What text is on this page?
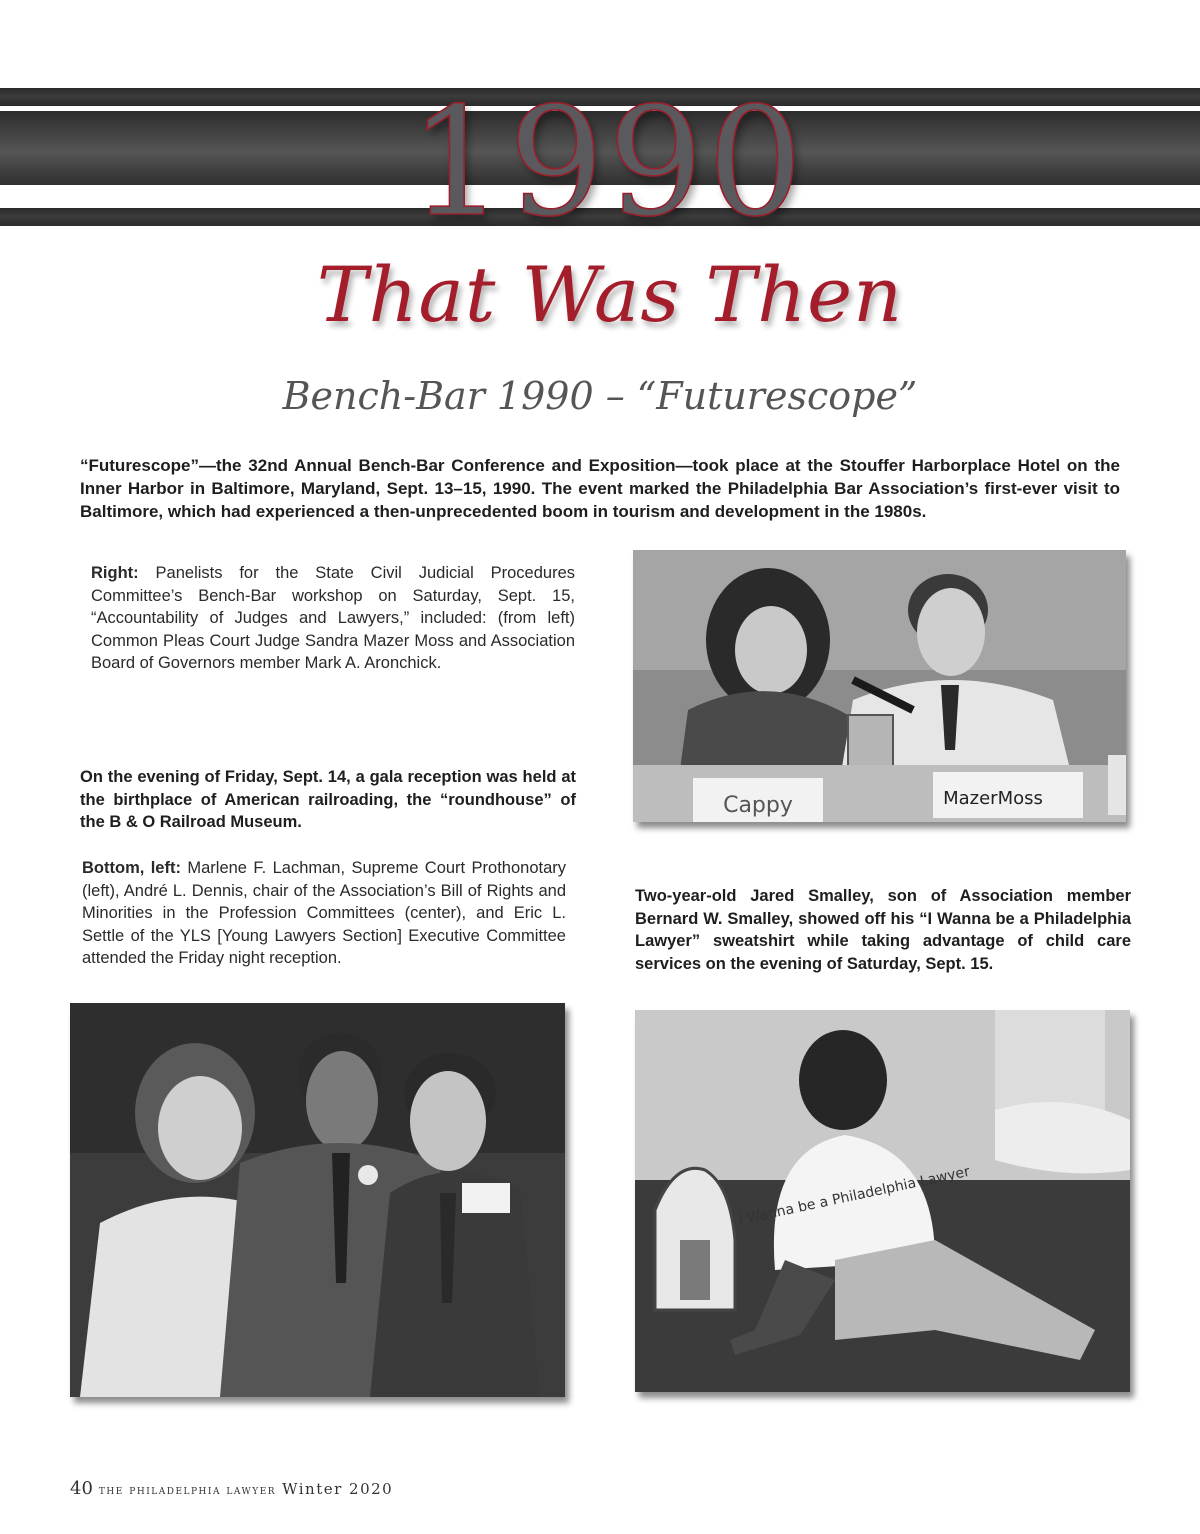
1990
That Was Then
Bench-Bar 1990 – “Futurescope”
“Futurescope”—the 32nd Annual Bench-Bar Conference and Exposition—took place at the Stouffer Harborplace Hotel on the Inner Harbor in Baltimore, Maryland, Sept. 13–15, 1990. The event marked the Philadelphia Bar Association’s first-ever visit to Baltimore, which had experienced a then-unprecedented boom in tourism and development in the 1980s.
Right: Panelists for the State Civil Judicial Procedures Committee’s Bench-Bar workshop on Saturday, Sept. 15, “Accountability of Judges and Lawyers,” included: (from left) Common Pleas Court Judge Sandra Mazer Moss and Association Board of Governors member Mark A. Aronchick.
On the evening of Friday, Sept. 14, a gala reception was held at the birthplace of American railroading, the “roundhouse” of the B & O Railroad Museum.
Bottom, left: Marlene F. Lachman, Supreme Court Prothonotary (left), André L. Dennis, chair of the Association’s Bill of Rights and Minorities in the Profession Committees (center), and Eric L. Settle of the YLS [Young Lawyers Section] Executive Committee attended the Friday night reception.
Two-year-old Jared Smalley, son of Association member Bernard W. Smalley, showed off his “I Wanna be a Philadelphia Lawyer” sweatshirt while taking advantage of child care services on the evening of Saturday, Sept. 15.
Cappy	MazerMoss
I Wanna be a Philadelphia Lawyer
40 the philadelphia lawyer Winter 2020
